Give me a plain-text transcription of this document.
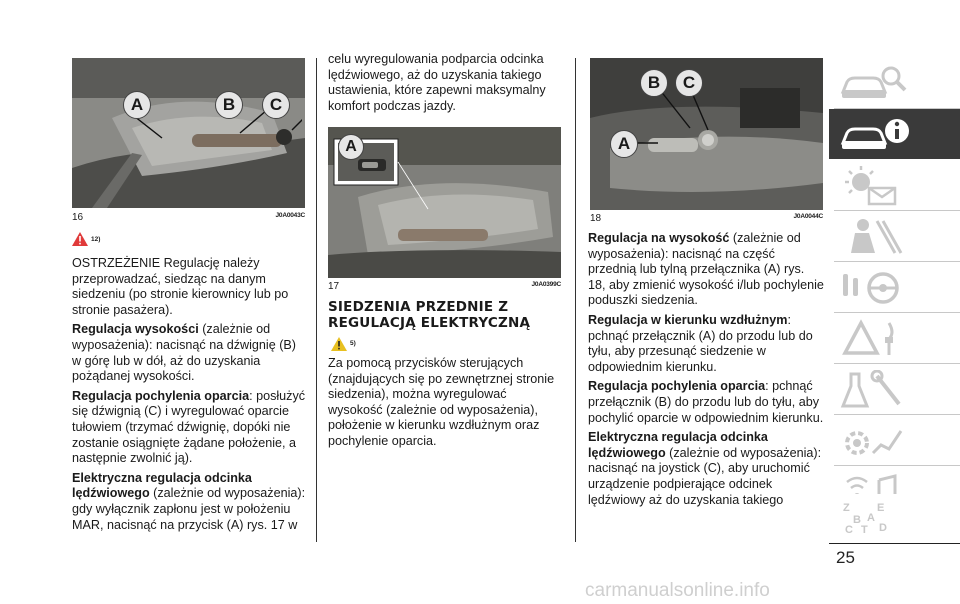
A	B	C
16	J0A0043C
12)

OSTRZEŻENIE Regulację należy przeprowadzać, siedząc na danym siedzeniu (po stronie kierownicy lub po stronie pasażera).

Regulacja wysokości (zależnie od wyposażenia): nacisnąć na dźwignię (B) w górę lub w dół, aż do uzyskania pożądanej wysokości.

Regulacja pochylenia oparcia: posłużyć się dźwignią (C) i wyregulować oparcie tułowiem (trzymać dźwignię, dopóki nie zostanie osiągnięte żądane położenie, a następnie zwolnić ją).

Elektryczna regulacja odcinka
lędźwiowego (zależnie od wyposażenia): gdy wyłącznik zapłonu jest w położeniu MAR, nacisnąć na przycisk (A) rys. 17 w

celu wyregulowania podparcia odcinka lędźwiowego, aż do uzyskania takiego ustawienia, które zapewni maksymalny komfort podczas jazdy.

A
17	J0A0399C
SIEDZENIA PRZEDNIE Z
REGULACJĄ ELEKTRYCZNĄ
5)

Za pomocą przycisków sterujących (znajdujących się po zewnętrznej stronie siedzenia), można wyregulować wysokość (zależnie od wyposażenia), położenie w kierunku wzdłużnym oraz pochylenie oparcia.

B	C
A
18	J0A0044C

Regulacja na wysokość (zależnie od wyposażenia): nacisnąć na część przednią lub tylną przełącznika (A) rys. 18, aby zmienić wysokość i/lub pochylenie poduszki siedzenia.

Regulacja w kierunku wzdłużnym: pchnąć przełącznik (A) do przodu lub do tyłu, aby przesunąć siedzenie w odpowiednim kierunku.

Regulacja pochylenia oparcia: pchnąć przełącznik (B) do przodu lub do tyłu, aby pochylić oparcie w odpowiednim kierunku.

Elektryczna regulacja odcinka
lędźwiowego (zależnie od wyposażenia): nacisnąć na joystick (C), aby uruchomić urządzenie podpierające odcinek lędźwiowy aż do uzyskania takiego

Z E
B A
C T D
25
carmanualsonline.info
